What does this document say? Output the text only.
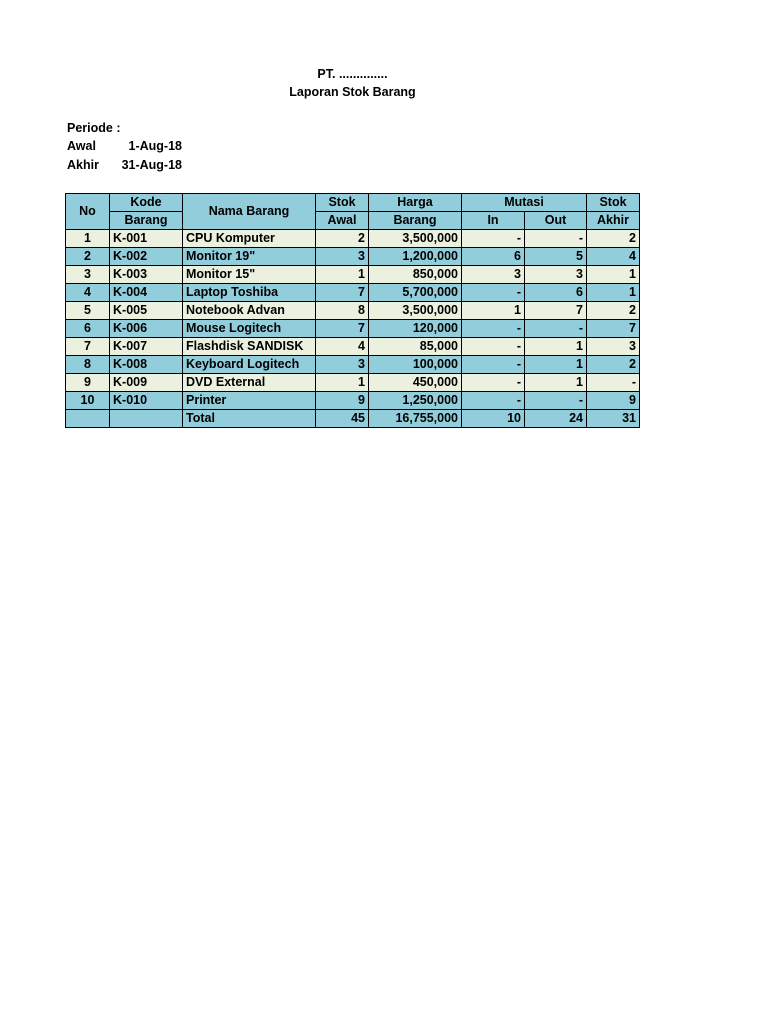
PT. ..............
Laporan Stok Barang
Periode :
Awal	1-Aug-18
Akhir	31-Aug-18
No	Kode	Nama Barang	Stok	Harga	Mutasi		Stok
	Barang		Awal	Barang	In	Out	Akhir
1	K-001	CPU Komputer	2	3,500,000	-	-	2
2	K-002	Monitor 19"	3	1,200,000	6	5	4
3	K-003	Monitor 15"	1	850,000	3	3	1
4	K-004	Laptop Toshiba	7	5,700,000	-	6	1
5	K-005	Notebook Advan	8	3,500,000	1	7	2
6	K-006	Mouse Logitech	7	120,000	-	-	7
7	K-007	Flashdisk SANDISK	4	85,000	-	1	3
8	K-008	Keyboard Logitech	3	100,000	-	1	2
9	K-009	DVD External	1	450,000	-	1	-
10	K-010	Printer	9	1,250,000	-	-	9
		Total	45	16,755,000	10	24	31
